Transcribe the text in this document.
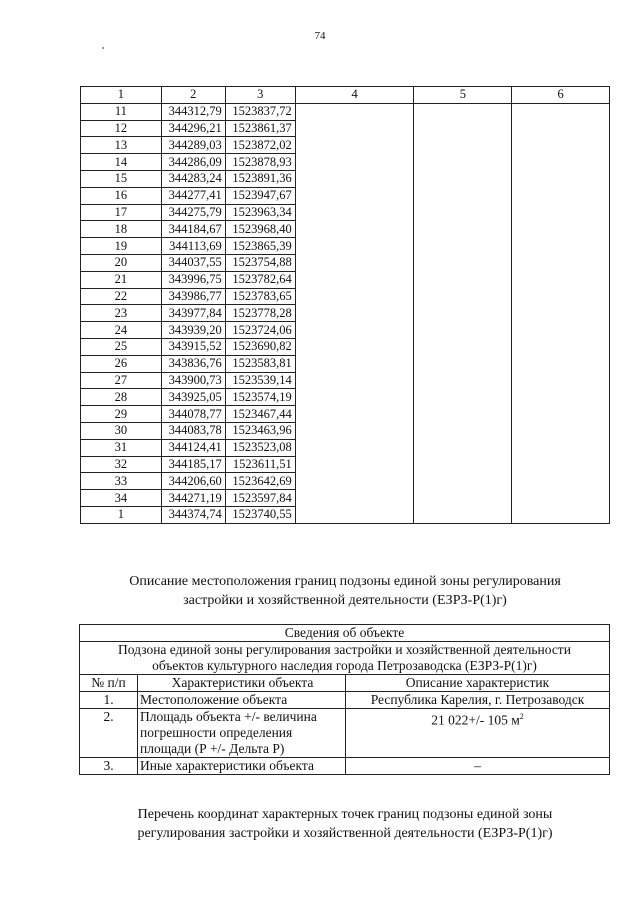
74
1	2	3	4	5	6
11	344312,79	1523837,72			
12	344296,21	1523861,37			
13	344289,03	1523872,02			
14	344286,09	1523878,93			
15	344283,24	1523891,36			
16	344277,41	1523947,67			
17	344275,79	1523963,34			
18	344184,67	1523968,40			
19	344113,69	1523865,39			
20	344037,55	1523754,88			
21	343996,75	1523782,64			
22	343986,77	1523783,65			
23	343977,84	1523778,28			
24	343939,20	1523724,06			
25	343915,52	1523690,82			
26	343836,76	1523583,81			
27	343900,73	1523539,14			
28	343925,05	1523574,19			
29	344078,77	1523467,44			
30	344083,78	1523463,96			
31	344124,41	1523523,08			
32	344185,17	1523611,51			
33	344206,60	1523642,69			
34	344271,19	1523597,84			
1	344374,74	1523740,55			
Описание местоположения границ подзоны единой зоны регулирования
застройки и хозяйственной деятельности (ЕЗРЗ-Р(1)г)
Сведения об объекте		

Подзона единой зоны регулирования застройки и хозяйственной деятельности
объектов культурного наследия города Петрозаводска (ЕЗРЗ-Р(1)г)		

№ п/п	Характеристики объекта	Описание характеристик
1.	Местоположение объекта	Республика Карелия, г. Петрозаводск
2.	Площадь объекта +/- величина
погрешности определения
площади (Р +/- Дельта Р)	21 022+/- 105 $м^2$
3.	Иные характеристики объекта	–
Перечень координат характерных точек границ подзоны единой зоны
регулирования застройки и хозяйственной деятельности (ЕЗРЗ-Р(1)г)
